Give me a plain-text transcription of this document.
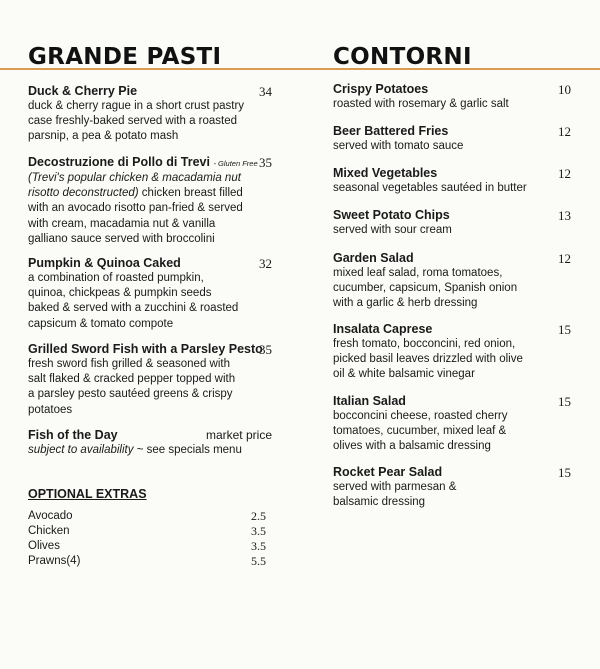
GRANDE PASTI
Duck & Cherry Pie	34
duck & cherry rague in a short crust pastry case freshly-baked served with a roasted parsnip, a pea & potato mash
Decostruzione di Pollo di Trevi - Gluten Free 35
(Trevi's popular chicken & macadamia nut risotto deconstructed) chicken breast filled with an avocado risotto pan-fried & served with cream, macadamia nut & vanilla galliano sauce served with broccolini
Pumpkin & Quinoa Caked	32
a combination of roasted pumpkin, quinoa, chickpeas & pumpkin seeds baked & served with a zucchini & roasted capsicum & tomato compote
Grilled Sword Fish with a Parsley Pesto
35
fresh sword fish grilled & seasoned with salt flaked & cracked pepper topped with a parsley pesto sautéed greens & crispy potatoes
Fish of the Day	market price
subject to availability ~ see specials menu
OPTIONAL EXTRAS
Avocado	2.5
Chicken	3.5
Olives	3.5
Prawns(4)	5.5
CONTORNI
Crispy Potatoes	10
roasted with rosemary & garlic salt
Beer Battered Fries	12
served with tomato sauce
Mixed Vegetables	12
seasonal vegetables sautéed in butter
Sweet Potato Chips	13
served with sour cream
Garden Salad	12
mixed leaf salad, roma tomatoes, cucumber, capsicum, Spanish onion with a garlic & herb dressing
Insalata Caprese	15
fresh tomato, bocconcini, red onion, picked basil leaves drizzled with olive oil & white balsamic vinegar
Italian Salad	15
bocconcini cheese, roasted cherry tomatoes, cucumber, mixed leaf & olives with a balsamic dressing
Rocket Pear Salad	15
served with parmesan & balsamic dressing
